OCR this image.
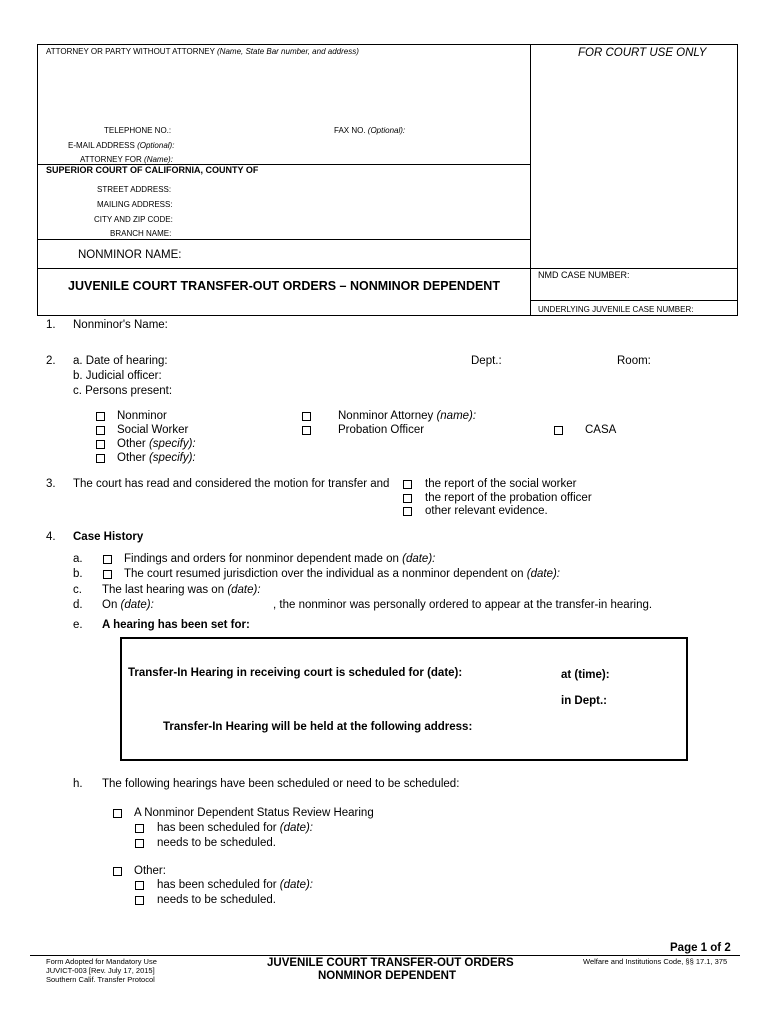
ATTORNEY OR PARTY WITHOUT ATTORNEY (Name, State Bar number, and address)	FOR COURT USE ONLY
TELEPHONE NO.:	FAX NO. (Optional):
E-MAIL ADDRESS (Optional):
ATTORNEY FOR (Name):
SUPERIOR COURT OF CALIFORNIA, COUNTY OF
STREET ADDRESS:
MAILING ADDRESS:
CITY AND ZIP CODE:
BRANCH NAME:
NONMINOR NAME:
NMD CASE NUMBER:
JUVENILE COURT TRANSFER-OUT ORDERS – NONMINOR DEPENDENT
UNDERLYING JUVENILE CASE NUMBER:
1. Nonminor's Name:
2. a. Date of hearing:	Dept.:	Room:
b. Judicial officer:
c. Persons present:
Nonminor
Social Worker
Other (specify):
Other (specify):
Nonminor Attorney (name):
Probation Officer	CASA
3. The court has read and considered the motion for transfer and	the report of the social worker
the report of the probation officer
other relevant evidence.
4. Case History
a.	Findings and orders for nonminor dependent made on (date):
b.	The court resumed jurisdiction over the individual as a nonminor dependent on (date):
c. The last hearing was on (date):
d. On (date):	, the nonminor was personally ordered to appear at the transfer-in hearing.
e. A hearing has been set for:
Transfer-In Hearing in receiving court is scheduled for (date):	at (time):
in Dept.:
Transfer-In Hearing will be held at the following address:
h. The following hearings have been scheduled or need to be scheduled:
A Nonminor Dependent Status Review Hearing
has been scheduled for (date):
needs to be scheduled.
Other:
has been scheduled for (date):
needs to be scheduled.
Page 1 of 2
Form Adopted for Mandatory Use
JUVICT-003 [Rev. July 17, 2015]
Southern Calif. Transfer Protocol
JUVENILE COURT TRANSFER-OUT ORDERS
NONMINOR DEPENDENT
Welfare and Institutions Code, §§ 17.1, 375
